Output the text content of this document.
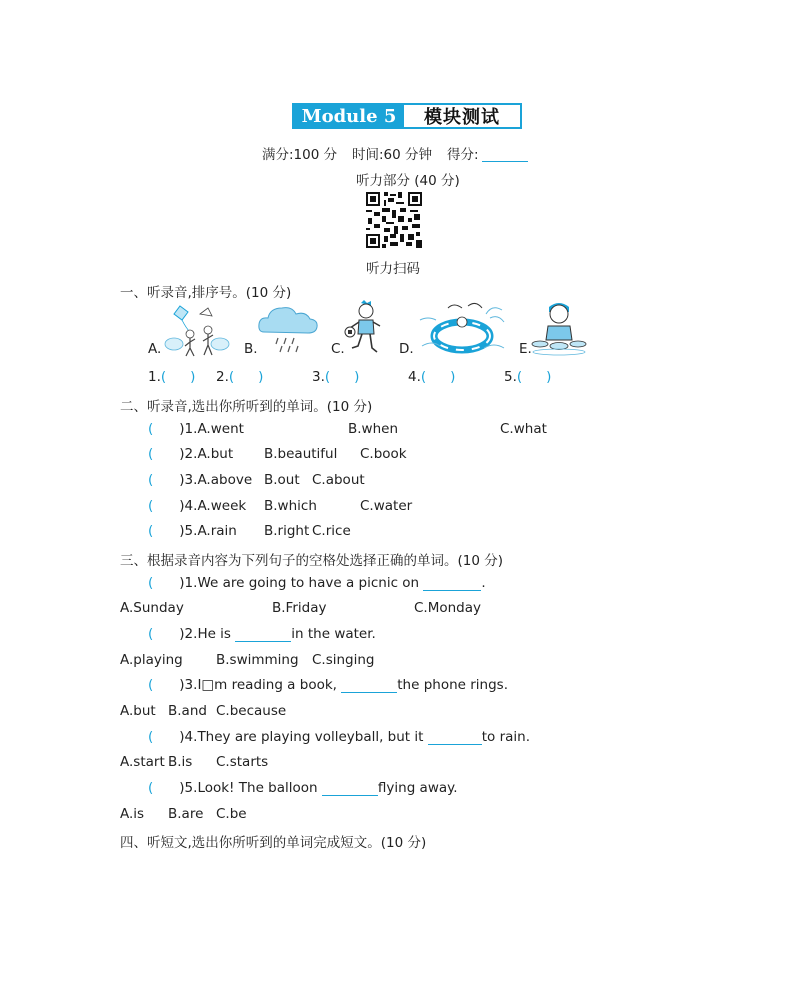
Module 5	模块测试
满分:100 分 时间:60 分钟 得分:
听力部分 (40 分)
听力扫码
一、听录音,排序号。(10 分)
A.	B.	C.	D.	E.
1.( ) 2.( )	3.( )	4.( )	5.( )
二、听录音,选出你所听到的单词。(10 分)
( )1.A.went	B.when	C.what
( )2.A.but B.beautiful C.book
( )3.A.above B.out C.about
( )4.A.week B.which	C.water
( )5.A.rain B.right C.rice
三、根据录音内容为下列句子的空格处选择正确的单词。(10 分)
( )1.We are going to have a picnic on	.
A.Sunday	B.Friday	C.Monday
( )2.He is	in the water.
A.playing B.swimming C.singing
( )3.I□m reading a book,	the phone rings.
A.but B.and C.because
( )4.They are playing volleyball, but it	to rain.
A.start B.is C.starts
( )5.Look! The balloon	flying away.
A.is B.are C.be
四、听短文,选出你所听到的单词完成短文。(10 分)
